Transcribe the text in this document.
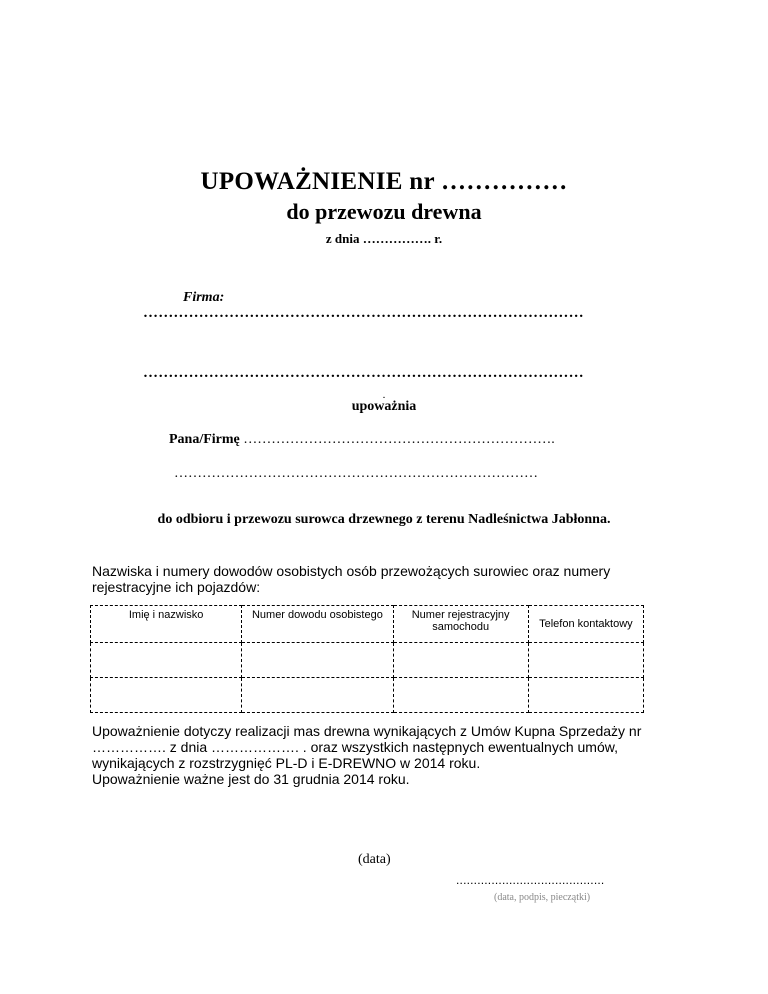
UPOWAŻNIENIE nr ……………
do przewozu drewna
z dnia ……………. r.
Firma:
……………………………………………………………………………
……………………………………………………………………………
.
upoważnia
Pana/Firmę ………………………………………………………….
……………………………………………………………………
do odbioru i przewozu surowca drzewnego z terenu Nadleśnictwa Jabłonna.
Nazwiska i numery dowodów osobistych osób przewożących surowiec oraz numery rejestracyjne ich pojazdów:
Imię i nazwisko	Numer dowodu osobistego	Numer rejestracyjny samochodu	Telefon kontaktowy

Upoważnienie dotyczy realizacji mas drewna wynikających z Umów Kupna Sprzedaży nr
……………. z dnia ………………. . oraz wszystkich następnych ewentualnych umów,
wynikających z rozstrzygnięć PL-D i E-DREWNO w 2014 roku.
Upoważnienie ważne jest do 31 grudnia 2014 roku.
(data)
..........................................
(data, podpis, pieczątki)
